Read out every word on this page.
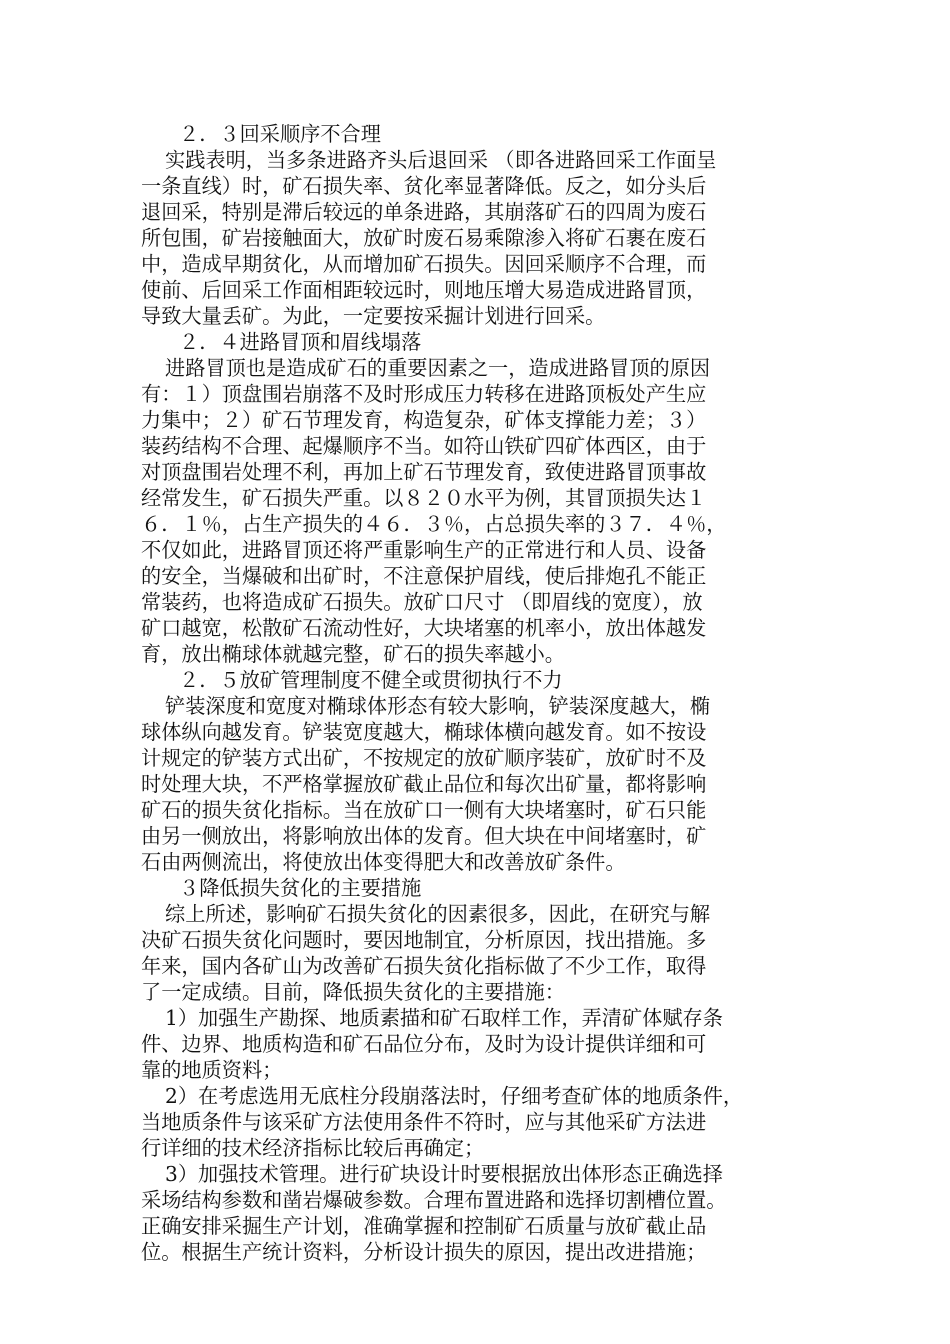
２．３回采顺序不合理
实践表明，当多条进路齐头后退回采 （即各进路回采工作面呈
一条直线）时，矿石损失率、贫化率显著降低。反之，如分头后
退回采，特别是滞后较远的单条进路，其崩落矿石的四周为废石
所包围，矿岩接触面大，放矿时废石易乘隙渗入将矿石裹在废石
中，造成早期贫化，从而增加矿石损失。因回采顺序不合理，而
使前、后回采工作面相距较远时，则地压增大易造成进路冒顶，
导致大量丢矿。为此，一定要按采掘计划进行回采。
２．４进路冒顶和眉线塌落
进路冒顶也是造成矿石的重要因素之一，造成进路冒顶的原因
有：１）顶盘围岩崩落不及时形成压力转移在进路顶板处产生应
力集中；２）矿石节理发育，构造复杂，矿体支撑能力差；３）
装药结构不合理、起爆顺序不当。如符山铁矿四矿体西区，由于
对顶盘围岩处理不利，再加上矿石节理发育，致使进路冒顶事故
经常发生，矿石损失严重。以８２０水平为例，其冒顶损失达１
６．１％，占生产损失的４６．３％，占总损失率的３７．４％，
不仅如此，进路冒顶还将严重影响生产的正常进行和人员、设备
的安全，当爆破和出矿时，不注意保护眉线，使后排炮孔不能正
常装药，也将造成矿石损失。放矿口尺寸 （即眉线的宽度），放
矿口越宽，松散矿石流动性好，大块堵塞的机率小，放出体越发
育，放出椭球体就越完整，矿石的损失率越小。
２．５放矿管理制度不健全或贯彻执行不力
铲装深度和宽度对椭球体形态有较大影响，铲装深度越大，椭
球体纵向越发育。铲装宽度越大，椭球体横向越发育。如不按设
计规定的铲装方式出矿，不按规定的放矿顺序装矿，放矿时不及
时处理大块，不严格掌握放矿截止品位和每次出矿量，都将影响
矿石的损失贫化指标。当在放矿口一侧有大块堵塞时，矿石只能
由另一侧放出，将影响放出体的发育。但大块在中间堵塞时，矿
石由两侧流出，将使放出体变得肥大和改善放矿条件。
３降低损失贫化的主要措施
综上所述，影响矿石损失贫化的因素很多，因此，在研究与解
决矿石损失贫化问题时，要因地制宜，分析原因，找出措施。多
年来，国内各矿山为改善矿石损失贫化指标做了不少工作，取得
了一定成绩。目前，降低损失贫化的主要措施：
1）加强生产勘探、地质素描和矿石取样工作，弄清矿体赋存条
件、边界、地质构造和矿石品位分布，及时为设计提供详细和可
靠的地质资料；
2）在考虑选用无底柱分段崩落法时，仔细考查矿体的地质条件，
当地质条件与该采矿方法使用条件不符时，应与其他采矿方法进
行详细的技术经济指标比较后再确定；
3）加强技术管理。进行矿块设计时要根据放出体形态正确选择
采场结构参数和凿岩爆破参数。合理布置进路和选择切割槽位置。
正确安排采掘生产计划，准确掌握和控制矿石质量与放矿截止品
位。根据生产统计资料，分析设计损失的原因，提出改进措施；
